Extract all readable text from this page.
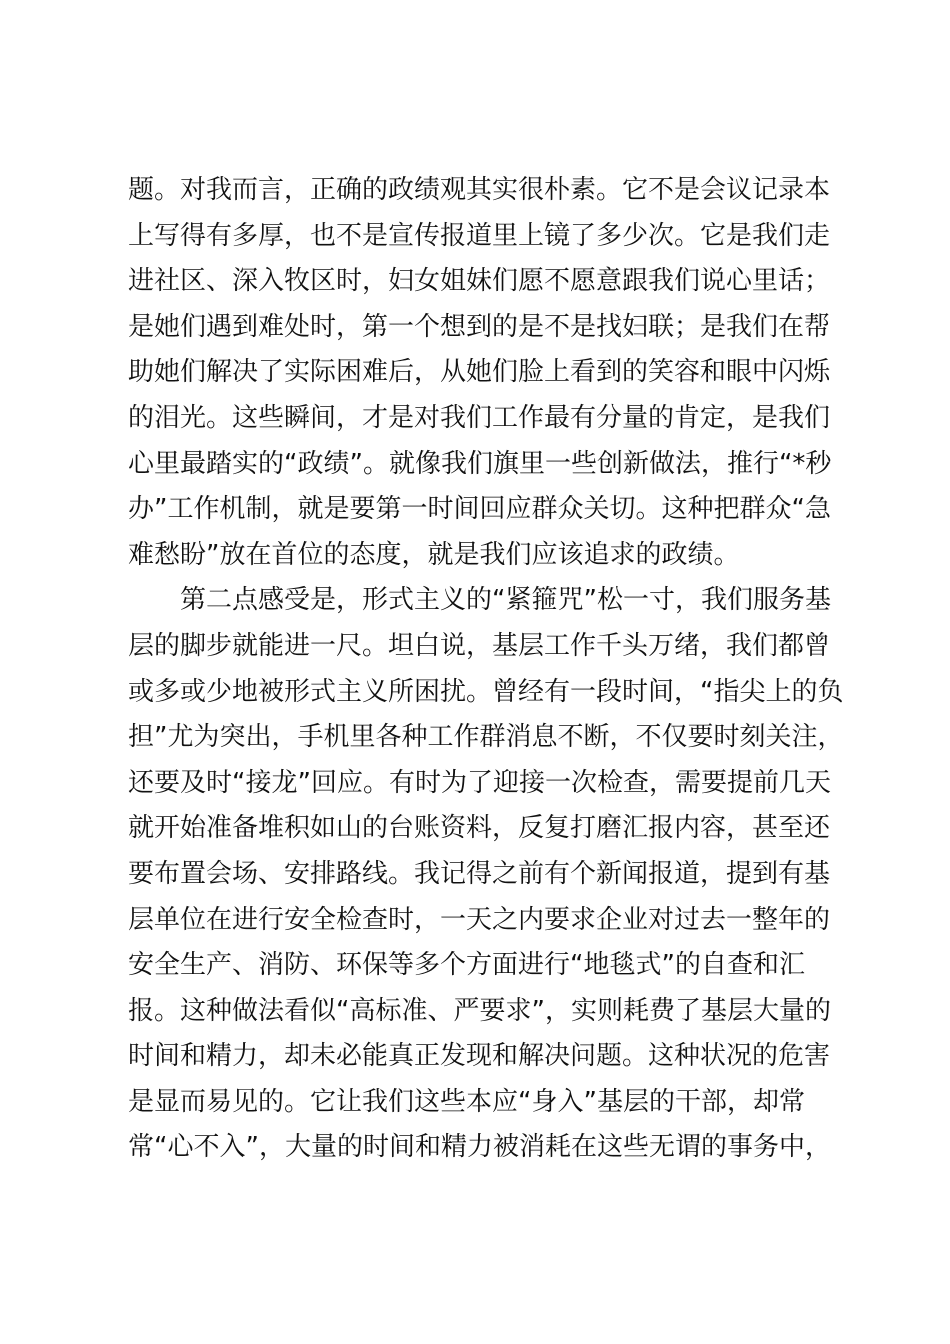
题。对我而言，正确的政绩观其实很朴素。它不是会议记录本
上写得有多厚，也不是宣传报道里上镜了多少次。它是我们走
进社区、深入牧区时，妇女姐妹们愿不愿意跟我们说心里话；
是她们遇到难处时，第一个想到的是不是找妇联；是我们在帮
助她们解决了实际困难后，从她们脸上看到的笑容和眼中闪烁
的泪光。这些瞬间，才是对我们工作最有分量的肯定，是我们
心里最踏实的“政绩”。就像我们旗里一些创新做法，推行“*秒
办”工作机制，就是要第一时间回应群众关切。这种把群众“急
难愁盼”放在首位的态度，就是我们应该追求的政绩。
　　第二点感受是，形式主义的“紧箍咒”松一寸，我们服务基
层的脚步就能进一尺。坦白说，基层工作千头万绪，我们都曾
或多或少地被形式主义所困扰。曾经有一段时间，“指尖上的负
担”尤为突出，手机里各种工作群消息不断，不仅要时刻关注，
还要及时“接龙”回应。有时为了迎接一次检查，需要提前几天
就开始准备堆积如山的台账资料，反复打磨汇报内容，甚至还
要布置会场、安排路线。我记得之前有个新闻报道，提到有基
层单位在进行安全检查时，一天之内要求企业对过去一整年的
安全生产、消防、环保等多个方面进行“地毯式”的自查和汇
报。这种做法看似“高标准、严要求”，实则耗费了基层大量的
时间和精力，却未必能真正发现和解决问题。这种状况的危害
是显而易见的。它让我们这些本应“身入”基层的干部，却常
常“心不入”，大量的时间和精力被消耗在这些无谓的事务中，
